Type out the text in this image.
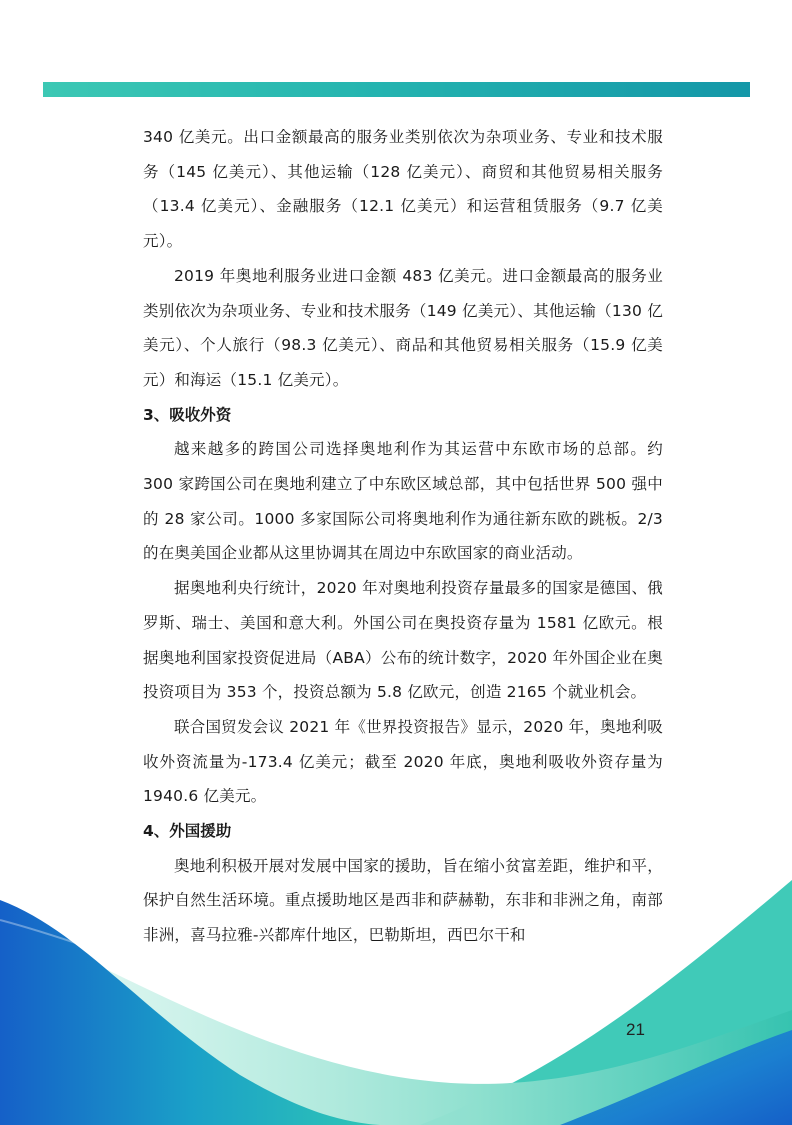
340 亿美元。出口金额最高的服务业类别依次为杂项业务、专业和技术服务（145 亿美元）、其他运输（128 亿美元）、商贸和其他贸易相关服务（13.4 亿美元）、金融服务（12.1 亿美元）和运营租赁服务（9.7 亿美元）。

2019 年奥地利服务业进口金额 483 亿美元。进口金额最高的服务业类别依次为杂项业务、专业和技术服务（149 亿美元）、其他运输（130 亿美元）、个人旅行（98.3 亿美元）、商品和其他贸易相关服务（15.9 亿美元）和海运（15.1 亿美元）。

3、吸收外资

越来越多的跨国公司选择奥地利作为其运营中东欧市场的总部。约 300 家跨国公司在奥地利建立了中东欧区域总部，其中包括世界 500 强中的 28 家公司。1000 多家国际公司将奥地利作为通往新东欧的跳板。2/3 的在奥美国企业都从这里协调其在周边中东欧国家的商业活动。

据奥地利央行统计，2020 年对奥地利投资存量最多的国家是德国、俄罗斯、瑞士、美国和意大利。外国公司在奥投资存量为 1581 亿欧元。根据奥地利国家投资促进局（ABA）公布的统计数字，2020 年外国企业在奥投资项目为 353 个，投资总额为 5.8 亿欧元，创造 2165 个就业机会。

联合国贸发会议 2021 年《世界投资报告》显示，2020 年，奥地利吸收外资流量为-173.4 亿美元；截至 2020 年底，奥地利吸收外资存量为 1940.6 亿美元。

4、外国援助

奥地利积极开展对发展中国家的援助，旨在缩小贫富差距，维护和平，保护自然生活环境。重点援助地区是西非和萨赫勒，东非和非洲之角，南部非洲，喜马拉雅-兴都库什地区，巴勒斯坦，西巴尔干和

21
